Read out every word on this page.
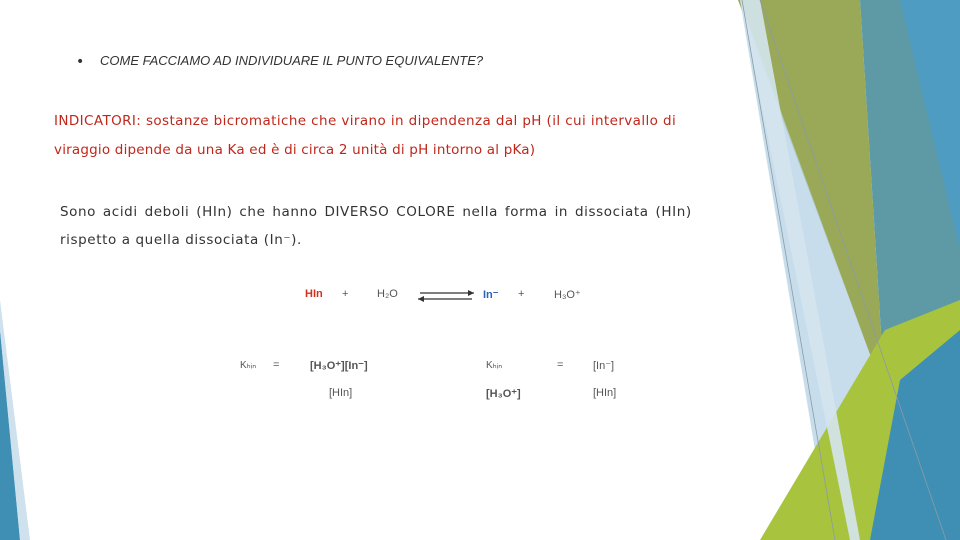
• COME FACCIAMO AD INDIVIDUARE IL PUNTO EQUIVALENTE?
INDICATORI: sostanze bicromatiche che virano in dipendenza dal pH (il cui intervallo di
viraggio dipende da una Ka ed è di circa 2 unità di pH intorno al pKa)
Sono acidi deboli (HIn) che hanno DIVERSO COLORE nella forma in dissociata (HIn)
rispetto a quella dissociata (In⁻).
HIn +	H₂O ⇌ In⁻ +	H₃O⁺
Kₕᵢₙ =	[H₃O⁺][In⁻]
[HIn]
Kₕᵢₙ
[H₃O⁺]
=	[In⁻]
[HIn]
